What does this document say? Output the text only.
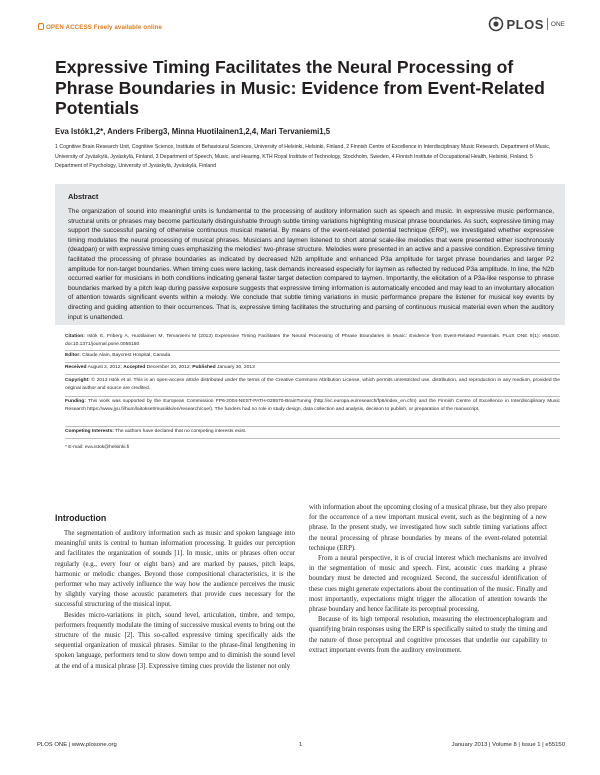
OPEN ACCESS Freely available online	PLOS ONE
Expressive Timing Facilitates the Neural Processing of Phrase Boundaries in Music: Evidence from Event-Related Potentials
Eva Istók1,2*, Anders Friberg3, Minna Huotilainen1,2,4, Mari Tervaniemi1,5
1 Cognitive Brain Research Unit, Cognitive Science, Institute of Behavioural Sciences, University of Helsinki, Helsinki, Finland, 2 Finnish Centre of Excellence in Interdisciplinary Music Research, Department of Music, University of Jyväskylä, Jyväskylä, Finland, 3 Department of Speech, Music, and Hearing, KTH Royal Institute of Technology, Stockholm, Sweden, 4 Finnish Institute of Occupational Health, Helsinki, Finland, 5 Department of Psychology, University of Jyväskylä, Jyväskylä, Finland
Abstract

The organization of sound into meaningful units is fundamental to the processing of auditory information such as speech and music. In expressive music performance, structural units or phrases may become particularly distinguishable through subtle timing variations highlighting musical phrase boundaries. As such, expressive timing may support the successful parsing of otherwise continuous musical material. By means of the event-related potential technique (ERP), we investigated whether expressive timing modulates the neural processing of musical phrases. Musicians and laymen listened to short atonal scale-like melodies that were presented either isochronously (deadpan) or with expressive timing cues emphasizing the melodies' two-phrase structure. Melodies were presented in an active and a passive condition. Expressive timing facilitated the processing of phrase boundaries as indicated by decreased N2b amplitude and enhanced P3a amplitude for target phrase boundaries and larger P2 amplitude for non-target boundaries. When timing cues were lacking, task demands increased especially for laymen as reflected by reduced P3a amplitude. In line, the N2b occurred earlier for musicians in both conditions indicating general faster target detection compared to laymen. Importantly, the elicitation of a P3a-like response to phrase boundaries marked by a pitch leap during passive exposure suggests that expressive timing information is automatically encoded and may lead to an involuntary allocation of attention towards significant events within a melody. We conclude that subtle timing variations in music performance prepare the listener for musical key events by directing and guiding attention to their occurrences. That is, expressive timing facilitates the structuring and parsing of continuous musical material even when the auditory input is unattended.

Citation: Istók E, Friberg A, Huotilainen M, Tervaniemi M (2013) Expressive Timing Facilitates the Neural Processing of Phrase Boundaries in Music: Evidence from Event-Related Potentials. PLoS ONE 8(1): e55150. doi:10.1371/journal.pone.0055150
Editor: Claude Alain, Baycrest Hospital, Canada
Received August 2, 2012; Accepted December 20, 2012; Published January 30, 2013
Copyright: © 2013 Istók et al. This is an open-access article distributed under the terms of the Creative Commons Attribution License, which permits unrestricted use, distribution, and reproduction in any medium, provided the original author and source are credited.
Funding: This work was supported by the European Commission FP6-2004-NEST-PATH-028570-BrainTuning (http://ec.europa.eu/research/fp6/index_en.cfm) and the Finnish Centre of Excellence in Interdisciplinary Music Research https://www.jyu.fi/hum/laitokset/musiikki/en/research/coe/). The funders had no role in study design, data collection and analysis, decision to publish, or preparation of the manuscript.
Competing Interests: The authors have declared that no competing interests exist.
* E-mail: eva.istok@helsinki.fi
Introduction

The segmentation of auditory information such as music and spoken language into meaningful units is central to human information processing. It guides our perception and facilitates the organization of sounds [1]. In music, units or phrases often occur regularly (e.g., every four or eight bars) and are marked by pauses, pitch leaps, harmonic or melodic changes. Beyond those compositional characteristics, it is the performer who may actively influence the way how the audience perceives the music by slightly varying those acoustic parameters that provide cues necessary for the successful structuring of the musical input.

Besides micro-variations in pitch, sound level, articulation, timbre, and tempo, performers frequently modulate the timing of successive musical events to bring out the structure of the music [2]. This so-called expressive timing specifically aids the sequential organization of musical phrases. Similar to the phrase-final lengthening in spoken language, performers tend to slow down tempo and to diminish the sound level at the end of a musical phrase [3]. Expressive timing cues provide the listener not only

with information about the upcoming closing of a musical phrase, but they also prepare for the occurrence of a new important musical event, such as the beginning of a new phrase. In the present study, we investigated how such subtle timing variations affect the neural processing of phrase boundaries by means of the event-related potential technique (ERP).

From a neural perspective, it is of crucial interest which mechanisms are involved in the segmentation of music and speech. First, acoustic cues marking a phrase boundary must be detected and recognized. Second, the successful identification of these cues might generate expectations about the continuation of the music. Finally and most importantly, expectations might trigger the allocation of attention towards the phrase boundary and hence facilitate its perceptual processing.

Because of its high temporal resolution, measuring the electroencephalogram and quantifying brain responses using the ERP is specifically suited to study the timing and the nature of those perceptual and cognitive processes that underlie our capability to extract important events from the auditory environment.

PLOS ONE | www.plosone.org	1	January 2013 | Volume 8 | Issue 1 | e55150
